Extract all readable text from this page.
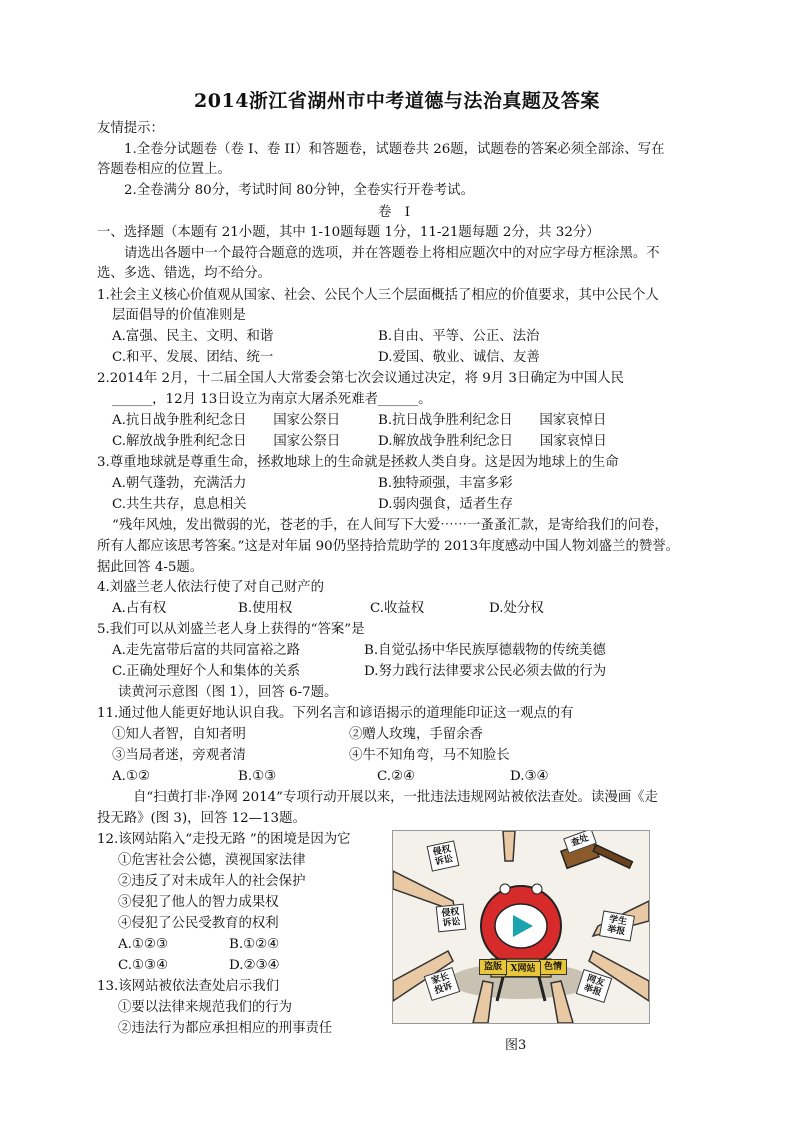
2014浙江省湖州市中考道德与法治真题及答案
友情提示：
1.全卷分试题卷（卷 I、卷 II）和答题卷，试题卷共 26题，试题卷的答案必须全部涂、写在
答题卷相应的位置上。
2.全卷满分 80分，考试时间 80分钟，全卷实行开卷考试。
卷　I
一、选择题（本题有 21小题，其中 1-10题每题 1分，11-21题每题 2分，共 32分）
请选出各题中一个最符合题意的选项，并在答题卷上将相应题次中的对应字母方框涂黑。不
选、多选、错选，均不给分。
1.社会主义核心价值观从国家、社会、公民个人三个层面概括了相应的价值要求，其中公民个人
层面倡导的价值准则是
A.富强、民主、文明、和谐	B.自由、平等、公正、法治
C.和平、发展、团结、统一	D.爱国、敬业、诚信、友善
2.2014年 2月，十二届全国人大常委会第七次会议通过决定，将 9月 3日确定为中国人民
______，12月 13日设立为南京大屠杀死难者______。
A.抗日战争胜利纪念日　　国家公祭日	B.抗日战争胜利纪念日　　国家哀悼日
C.解放战争胜利纪念日　　国家公祭日	D.解放战争胜利纪念日　　国家哀悼日
3.尊重地球就是尊重生命，拯救地球上的生命就是拯救人类自身。这是因为地球上的生命
A.朝气蓬勃，充满活力	B.独特顽强，丰富多彩
C.共生共存，息息相关	D.弱肉强食，适者生存
“残年风烛，发出微弱的光，苍老的手，在人间写下大爱⋯⋯一蚤蚤汇款，是寄给我们的问卷，
所有人都应该思考答案。”这是对年届 90仍坚持拾荒助学的 2013年度感动中国人物刘盛兰的赞誉。
据此回答 4-5题。
4.刘盛兰老人依法行使了对自己财产的
A.占有权	B.使用权	C.收益权	D.处分权
5.我们可以从刘盛兰老人身上获得的“答案”是
A.走先富带后富的共同富裕之路	B.自觉弘扬中华民族厚德载物的传统美德
C.正确处理好个人和集体的关系	D.努力践行法律要求公民必须去做的行为
读黄河示意图（图 1），回答 6-7题。
11.通过他人能更好地认识自我。下列名言和谚语揭示的道理能印证这一观点的有
①知人者智，自知者明	②赠人玫瑰，手留余香
③当局者迷，旁观者清	④牛不知角弯，马不知脸长
A.①②	B.①③	C.②④	D.③④
自“扫黄打非·净网 2014”专项行动开展以来，一批违法违规网站被依法查处。读漫画《走
投无路》(图 3)，回答 12—13题。
12.该网站陷入“走投无路 ”的困境是因为它
①危害社会公德，漠视国家法律
②违反了对未成年人的社会保护
③侵犯了他人的智力成果权
④侵犯了公民受教育的权利
A.①②③	B.①②④
C.①③④	D.②③④
13.该网站被依法查处启示我们
①要以法律来规范我们的行为
②违法行为都应承担相应的刑事责任
侵权诉讼
查处
侵权诉讼	学生举报
色情
X网站
盗版
网友举报
家长投诉
图3
